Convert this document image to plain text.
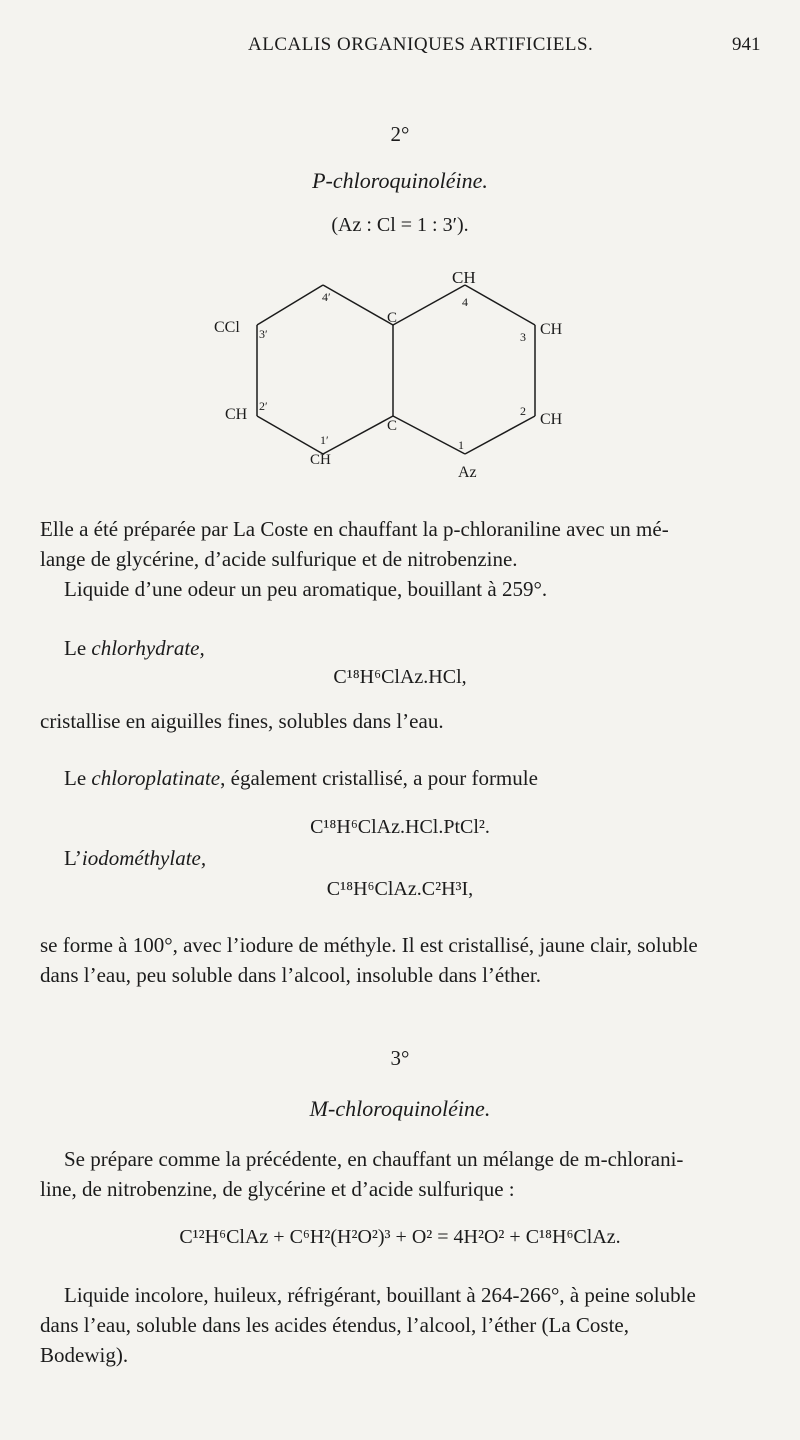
ALCALIS ORGANIQUES ARTIFICIELS.	941
2°
P-chloroquinoléine.
(Az : Cl = 1 : 3′).
CH
4
4′
C
C
CCl 3′
CH 2′
CH
1′
CH
3
CH
2
1
Az

Elle a été préparée par La Coste en chauffant la p-chloraniline avec un mé-

lange de glycérine, d’acide sulfurique et de nitrobenzine.

Liquide d’une odeur un peu aromatique, bouillant à 259°.

Le chlorhydrate,
C¹⁸H⁶ClAz.HCl,
cristallise en aiguilles fines, solubles dans l’eau.
Le chloroplatinate, également cristallisé, a pour formule
C¹⁸H⁶ClAz.HCl.PtCl².
L’iodométhylate,
C¹⁸H⁶ClAz.C²H³I,

se forme à 100°, avec l’iodure de méthyle. Il est cristallisé, jaune clair, soluble

dans l’eau, peu soluble dans l’alcool, insoluble dans l’éther.

3°
M-chloroquinoléine.

Se prépare comme la précédente, en chauffant un mélange de m-chlorani-

line, de nitrobenzine, de glycérine et d’acide sulfurique :

C¹²H⁶ClAz + C⁶H²(H²O²)³ + O² = 4H²O² + C¹⁸H⁶ClAz.

Liquide incolore, huileux, réfrigérant, bouillant à 264-266°, à peine soluble

dans l’eau, soluble dans les acides étendus, l’alcool, l’éther (La Coste,

Bodewig).
